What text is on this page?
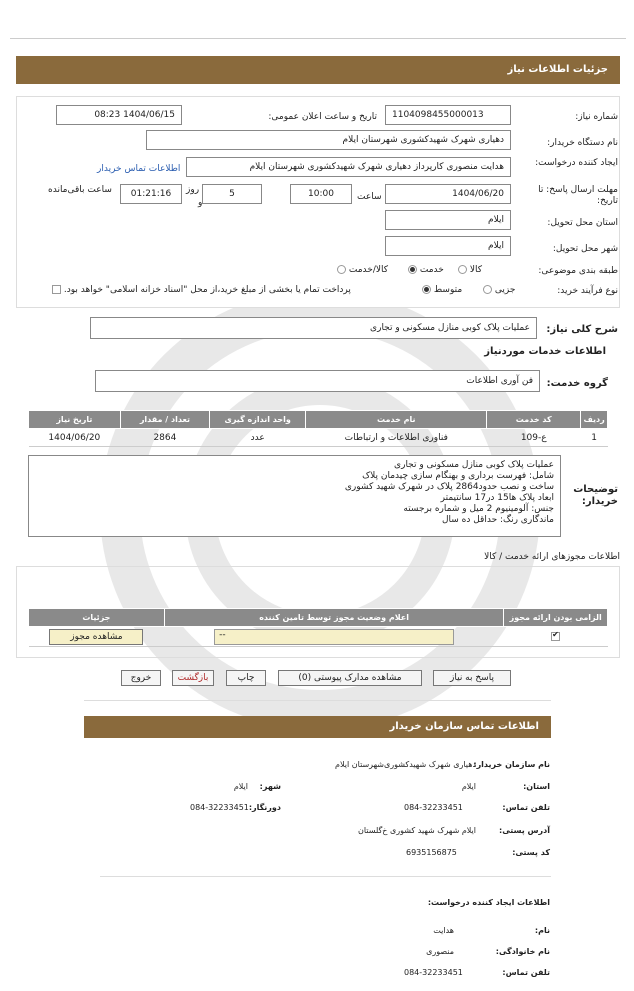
جزئیات اطلاعات نیاز
شماره نیاز:
1104098455000013
تاریخ و ساعت اعلان عمومی:
1404/06/15 08:23
نام دستگاه خریدار:
دهیاری شهرک شهیدکشوری شهرستان ایلام
ایجاد کننده درخواست:
هدایت منصوری کارپرداز دهیاری شهرک شهیدکشوری شهرستان ایلام
اطلاعات تماس خریدار
مهلت ارسال پاسخ: تا تاریخ:
1404/06/20
ساعت
10:00
5
روز
و
01:21:16
ساعت باقی‌مانده
استان محل تحویل:
ایلام
شهر محل تحویل:
ایلام
طبقه بندی موضوعی:
کالا
خدمت
کالا/خدمت
نوع فرآیند خرید:
جزیی
متوسط
پرداخت تمام یا بخشی از مبلغ خرید،از محل "اسناد خزانه اسلامی" خواهد بود.
شرح کلی نیاز:
عملیات پلاک کوبی منازل مسکونی و تجاری
اطلاعات خدمات موردنیاز
گروه خدمت:
فن آوری اطلاعات
ردیف	کد خدمت	نام خدمت	واحد اندازه گیری	تعداد / مقدار	تاریخ نیاز
1	ع-109	فناوری اطلاعات و ارتباطات	عدد	2864	1404/06/20
توضیحات خریدار:
عملیات پلاک کوبی منازل مسکونی و تجاری
شامل: فهرست برداری و بهنگام سازی چیدمان پلاک
ساخت و نصب حدود2864 پلاک در شهرک شهید کشوری
ابعاد پلاک ها15 در17 سانتیمتر
جنس: آلومینیوم 2 میل و شماره برجسته
ماندگاری رنگ: حداقل ده سال
اطلاعات مجوزهای ارائه خدمت / کالا
الزامی بودن ارائه مجوز	اعلام وضعیت مجوز توسط تامین کننده	جزئیات

✔	--	مشاهده مجوز
پاسخ به نیاز
مشاهده مدارک پیوستی (0)
چاپ
بازگشت
خروج
اطلاعات تماس سازمان خریدار
نام سازمان خریدار:
دهیاری شهرک شهیدکشوری‌شهرستان ایلام
استان:
ایلام
شهر:
ایلام
تلفن تماس:
084-32233451
دورنگار:
084-32233451
آدرس پستی:
ایلام شهرک شهید کشوری خ‌گلستان
کد پستی:
6935156875
اطلاعات ایجاد کننده درخواست:
نام:
هدایت
نام خانوادگی:
منصوری
تلفن تماس:
084-32233451
